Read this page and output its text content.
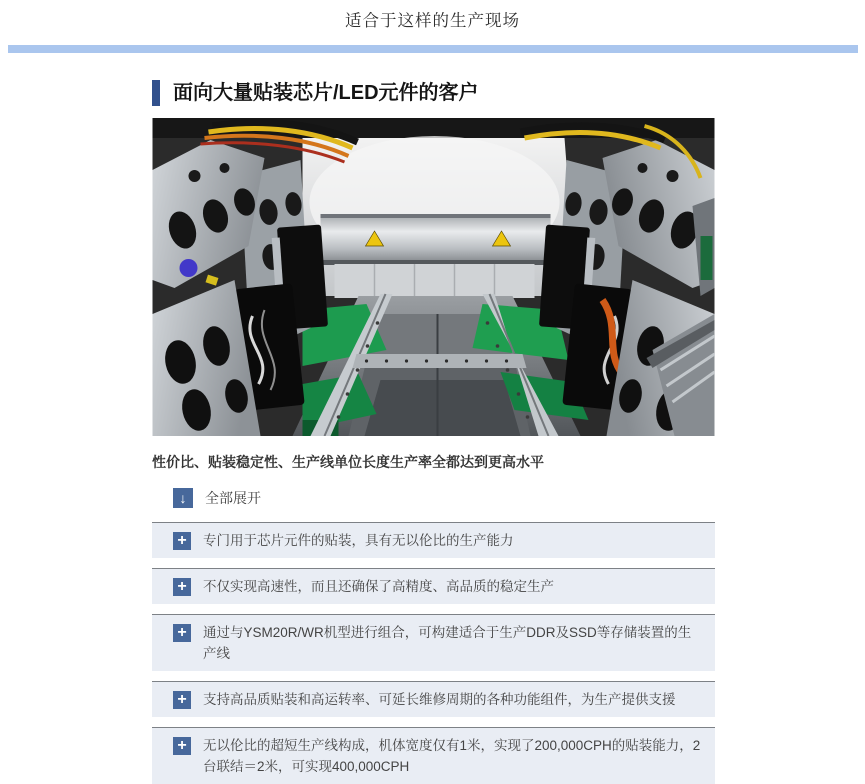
适合于这样的生产现场
面向大量贴装芯片/LED元件的客户
性价比、贴装稳定性、生产线单位长度生产率全都达到更高水平
↓	全部展开
+	专门用于芯片元件的贴装，具有无以伦比的生产能力
+	不仅实现高速性，而且还确保了高精度、高品质的稳定生产
+	通过与YSM20R/WR机型进行组合，可构建适合于生产DDR及SSD等存储装置的生产线
+	支持高品质贴装和高运转率、可延长维修周期的各种功能组件，为生产提供支援
+	无以伦比的超短生产线构成，机体宽度仅有1米，实现了200,000CPH的贴装能力，2台联结＝2米，可实现400,000CPH
